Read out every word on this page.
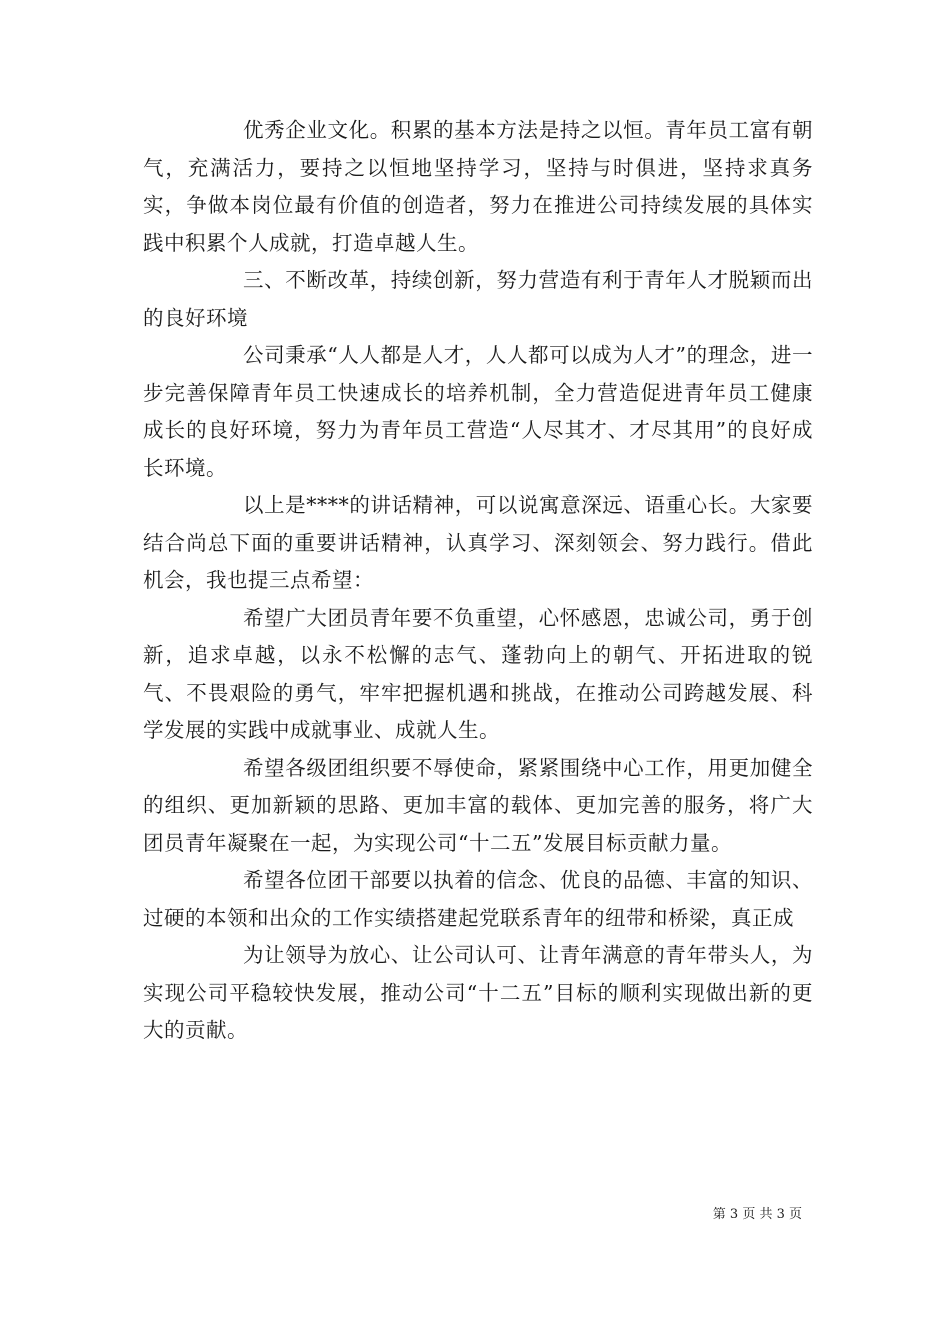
优秀企业文化。积累的基本方法是持之以恒。青年员工富有朝气，充满活力，要持之以恒地坚持学习，坚持与时俱进，坚持求真务实，争做本岗位最有价值的创造者，努力在推进公司持续发展的具体实践中积累个人成就，打造卓越人生。

三、不断改革，持续创新，努力营造有利于青年人才脱颖而出的良好环境

公司秉承“人人都是人才，人人都可以成为人才”的理念，进一步完善保障青年员工快速成长的培养机制，全力营造促进青年员工健康成长的良好环境，努力为青年员工营造“人尽其才、才尽其用”的良好成长环境。

以上是****的讲话精神，可以说寓意深远、语重心长。大家要结合尚总下面的重要讲话精神，认真学习、深刻领会、努力践行。借此机会，我也提三点希望：

希望广大团员青年要不负重望，心怀感恩，忠诚公司，勇于创新，追求卓越，以永不松懈的志气、蓬勃向上的朝气、开拓进取的锐气、不畏艰险的勇气，牢牢把握机遇和挑战，在推动公司跨越发展、科学发展的实践中成就事业、成就人生。

希望各级团组织要不辱使命，紧紧围绕中心工作，用更加健全的组织、更加新颖的思路、更加丰富的载体、更加完善的服务，将广大团员青年凝聚在一起，为实现公司“十二五”发展目标贡献力量。

希望各位团干部要以执着的信念、优良的品德、丰富的知识、过硬的本领和出众的工作实绩搭建起党联系青年的纽带和桥梁，真正成

为让领导为放心、让公司认可、让青年满意的青年带头人，为实现公司平稳较快发展，推动公司“十二五”目标的顺利实现做出新的更大的贡献。

第 3 页 共 3 页
